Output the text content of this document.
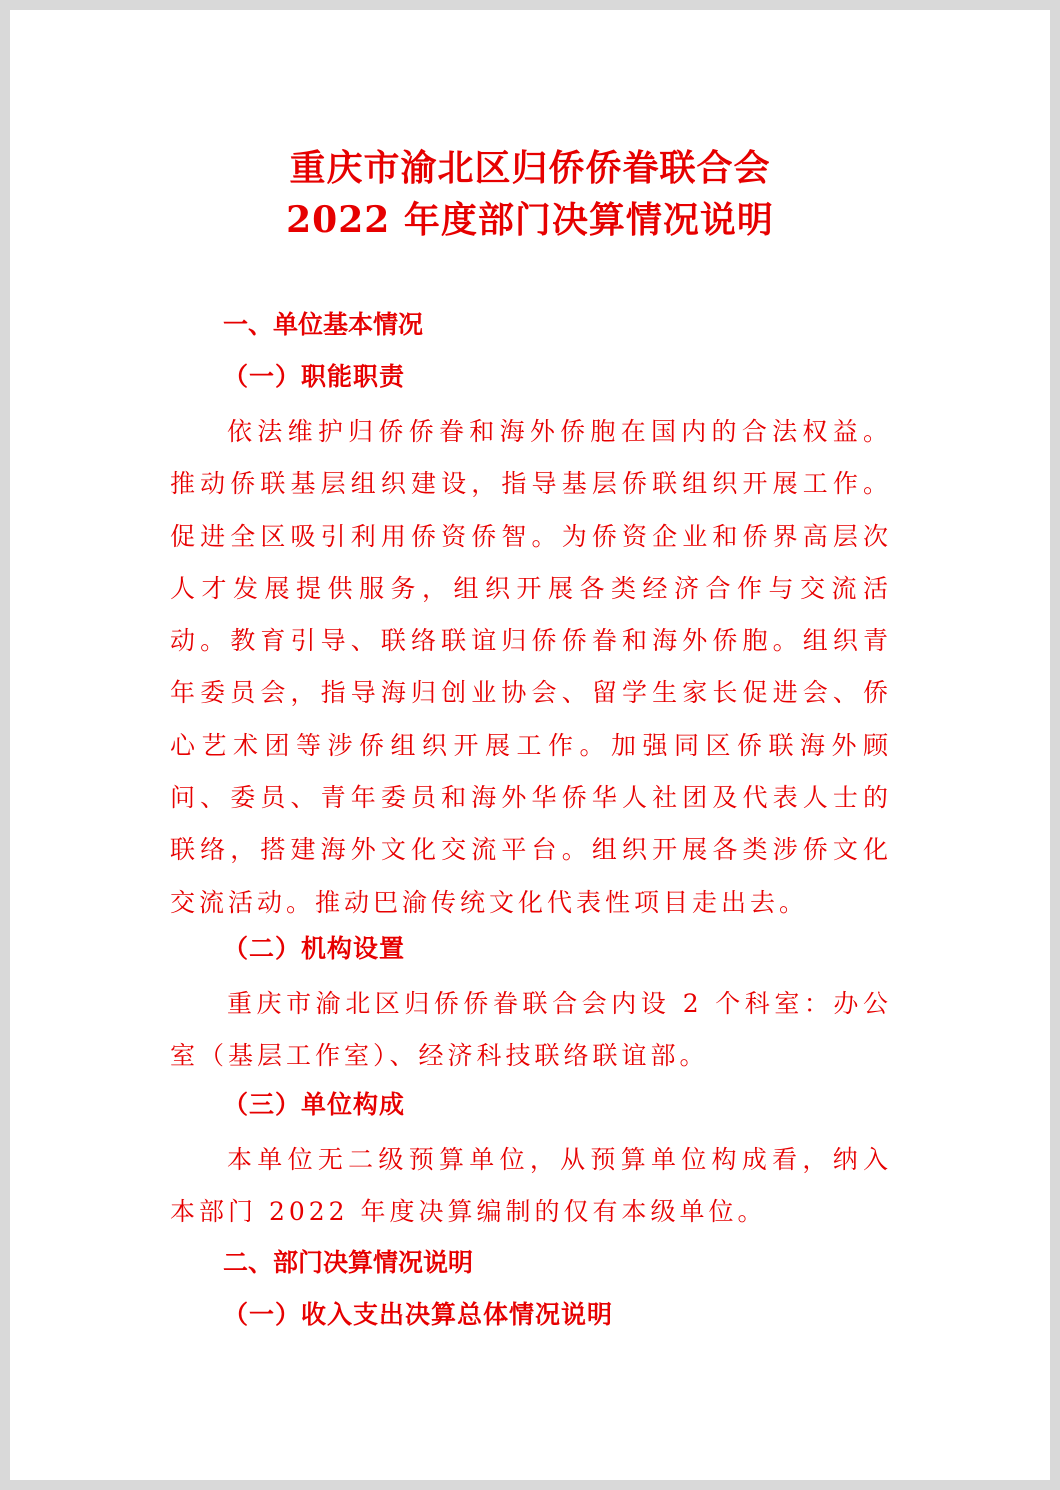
重庆市渝北区归侨侨眷联合会
2022 年度部门决算情况说明
一、单位基本情况
（一）职能职责

依法维护归侨侨眷和海外侨胞在国内的合法权益。推动侨联基层组织建设，指导基层侨联组织开展工作。促进全区吸引利用侨资侨智。为侨资企业和侨界高层次人才发展提供服务，组织开展各类经济合作与交流活动。教育引导、联络联谊归侨侨眷和海外侨胞。组织青年委员会，指导海归创业协会、留学生家长促进会、侨心艺术团等涉侨组织开展工作。加强同区侨联海外顾问、委员、青年委员和海外华侨华人社团及代表人士的联络，搭建海外文化交流平台。组织开展各类涉侨文化交流活动。推动巴渝传统文化代表性项目走出去。

（二）机构设置

重庆市渝北区归侨侨眷联合会内设 2 个科室：办公室（基层工作室）、经济科技联络联谊部。

（三）单位构成

本单位无二级预算单位，从预算单位构成看，纳入本部门 2022 年度决算编制的仅有本级单位。

二、部门决算情况说明
（一）收入支出决算总体情况说明
